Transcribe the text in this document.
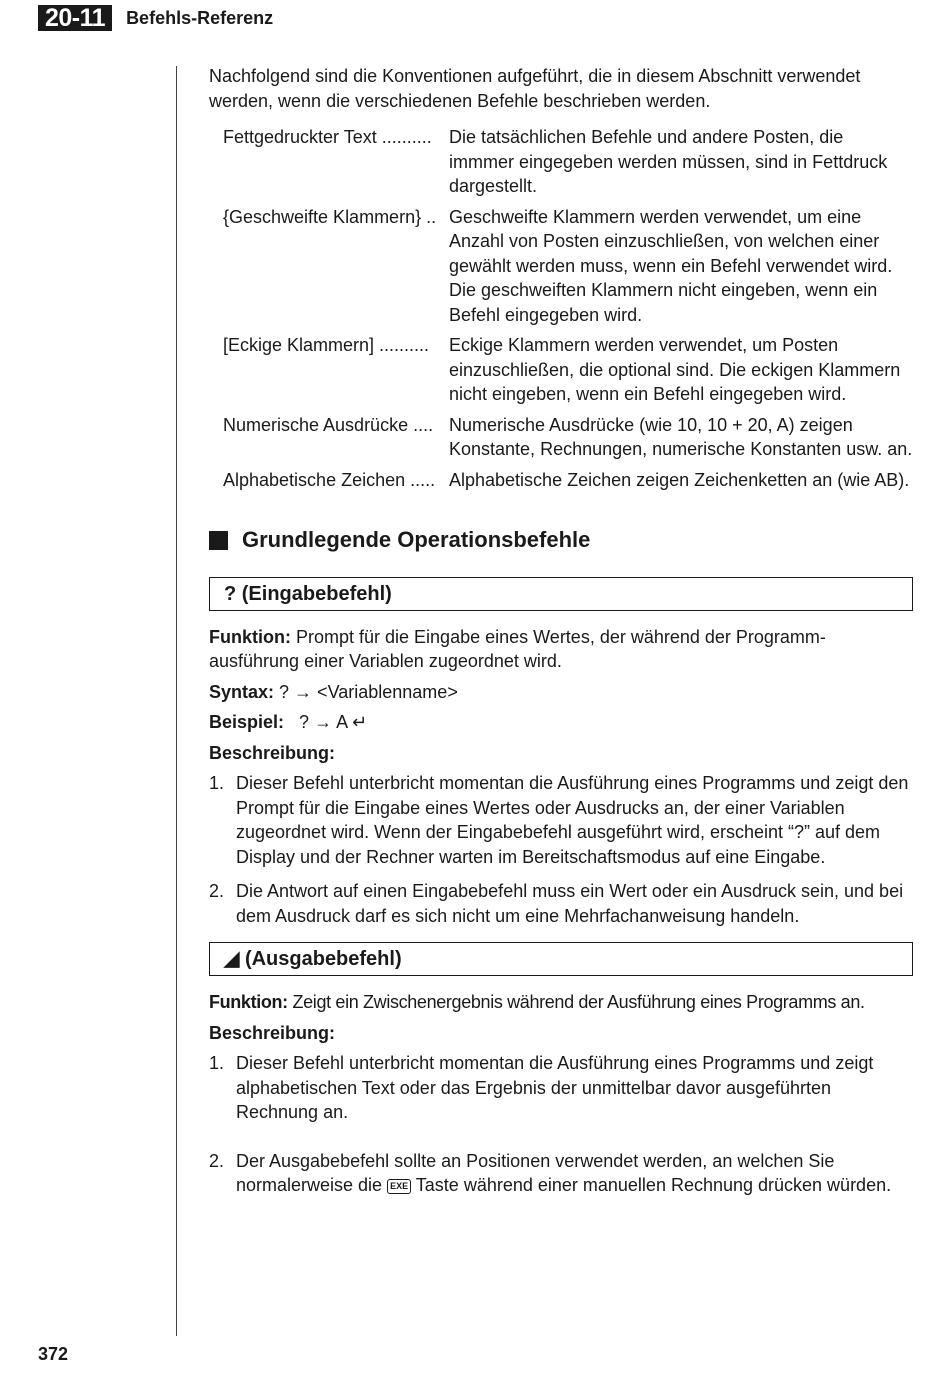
20-11	Befehls-Referenz

Nachfolgend sind die Konventionen aufgeführt, die in diesem Abschnitt verwendet werden, wenn die verschiedenen Befehle beschrieben werden.

Fettgedruckter Text .......... Die tatsächlichen Befehle und andere Posten, die immmer eingegeben werden müssen, sind in Fettdruck dargestellt.
{Geschweifte Klammern} .. Geschweifte Klammern werden verwendet, um eine Anzahl von Posten einzuschließen, von welchen einer gewählt werden muss, wenn ein Befehl verwendet wird. Die geschweiften Klammern nicht eingeben, wenn ein Befehl eingegeben wird.
[Eckige Klammern] ..........	Eckige Klammern werden verwendet, um Posten einzuschließen, die optional sind. Die eckigen Klammern nicht eingeben, wenn ein Befehl eingegeben wird.
Numerische Ausdrücke .... Numerische Ausdrücke (wie 10, 10 + 20, A) zeigen Konstante, Rechnungen, numerische Konstanten usw. an.
Alphabetische Zeichen ..... Alphabetische Zeichen zeigen Zeichenketten an (wie AB).
Grundlegende Operationsbefehle
? (Eingabebefehl)

Funktion: Prompt für die Eingabe eines Wertes, der während der Programm-ausführung einer Variablen zugeordnet wird.

Syntax: ? → <Variablenname>

Beispiel: ? → A ↵

Beschreibung:

1. Dieser Befehl unterbricht momentan die Ausführung eines Programms und zeigt den Prompt für die Eingabe eines Wertes oder Ausdrucks an, der einer Variablen zugeordnet wird. Wenn der Eingabebefehl ausgeführt wird, erscheint “?” auf dem Display und der Rechner warten im Bereitschaftsmodus auf eine Eingabe.
2. Die Antwort auf einen Eingabebefehl muss ein Wert oder ein Ausdruck sein, und bei dem Ausdruck darf es sich nicht um eine Mehrfachanweisung handeln.
◢ (Ausgabebefehl)

Funktion: Zeigt ein Zwischenergebnis während der Ausführung eines Programms an.

Beschreibung:

1. Dieser Befehl unterbricht momentan die Ausführung eines Programms und zeigt alphabetischen Text oder das Ergebnis der unmittelbar davor ausgeführten Rechnung an.
2. Der Ausgabebefehl sollte an Positionen verwendet werden, an welchen Sie normalerweise die EXE Taste während einer manuellen Rechnung drücken würden.
372
